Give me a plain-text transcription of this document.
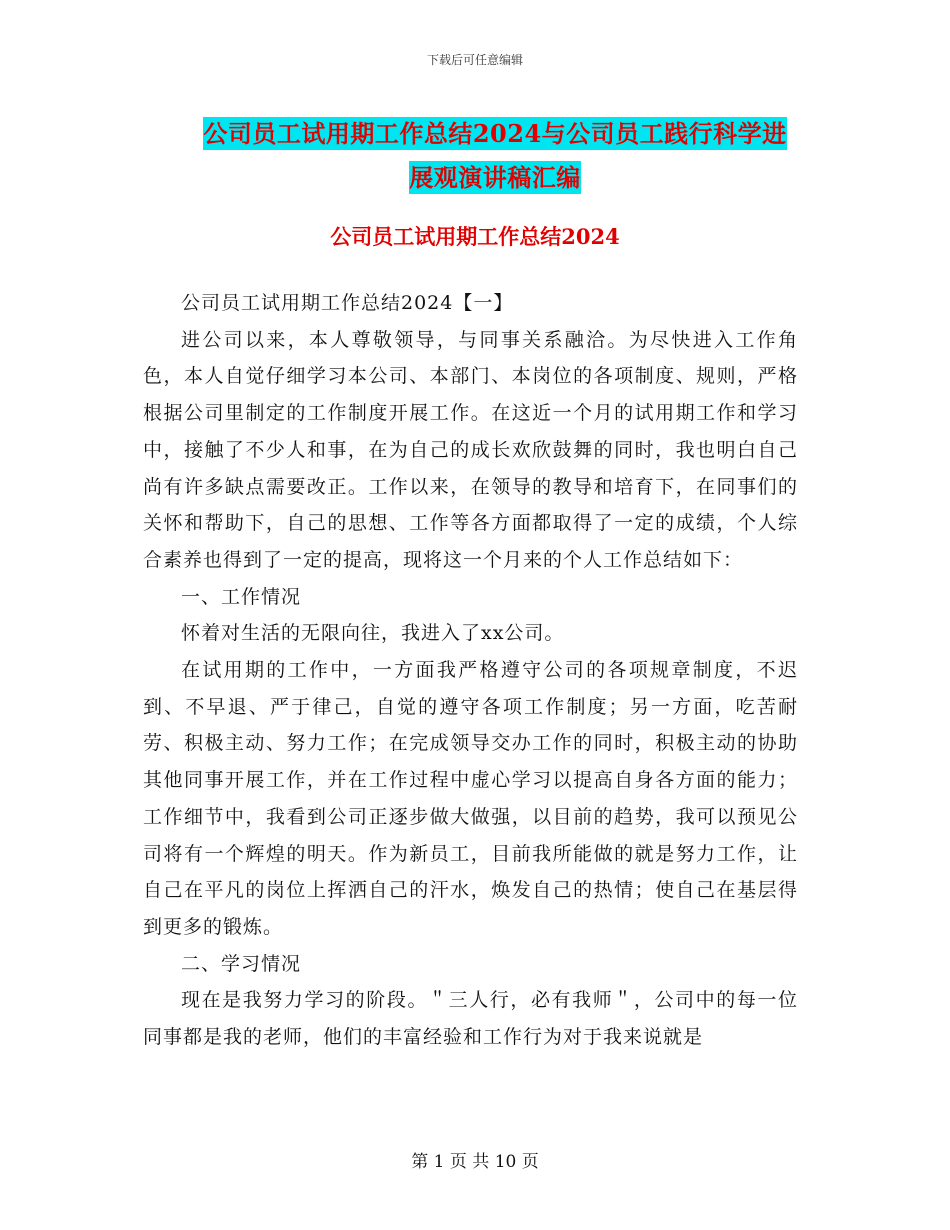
下载后可任意编辑
公司员工试用期工作总结2024与公司员工践行科学进
展观演讲稿汇编
公司员工试用期工作总结2024

公司员工试用期工作总结2024【一】

进公司以来，本人尊敬领导，与同事关系融洽。为尽快进入工作角色，本人自觉仔细学习本公司、本部门、本岗位的各项制度、规则，严格根据公司里制定的工作制度开展工作。在这近一个月的试用期工作和学习中，接触了不少人和事，在为自己的成长欢欣鼓舞的同时，我也明白自己尚有许多缺点需要改正。工作以来，在领导的教导和培育下，在同事们的关怀和帮助下，自己的思想、工作等各方面都取得了一定的成绩，个人综合素养也得到了一定的提高，现将这一个月来的个人工作总结如下：

一、工作情况

怀着对生活的无限向往，我进入了xx公司。

在试用期的工作中，一方面我严格遵守公司的各项规章制度，不迟到、不早退、严于律己，自觉的遵守各项工作制度；另一方面，吃苦耐劳、积极主动、努力工作；在完成领导交办工作的同时，积极主动的协助其他同事开展工作，并在工作过程中虚心学习以提高自身各方面的能力；工作细节中，我看到公司正逐步做大做强，以目前的趋势，我可以预见公司将有一个辉煌的明天。作为新员工，目前我所能做的就是努力工作，让自己在平凡的岗位上挥洒自己的汗水，焕发自己的热情；使自己在基层得到更多的锻炼。

二、学习情况

现在是我努力学习的阶段。＂三人行，必有我师＂，公司中的每一位同事都是我的老师，他们的丰富经验和工作行为对于我来说就是

第 1 页 共 10 页
